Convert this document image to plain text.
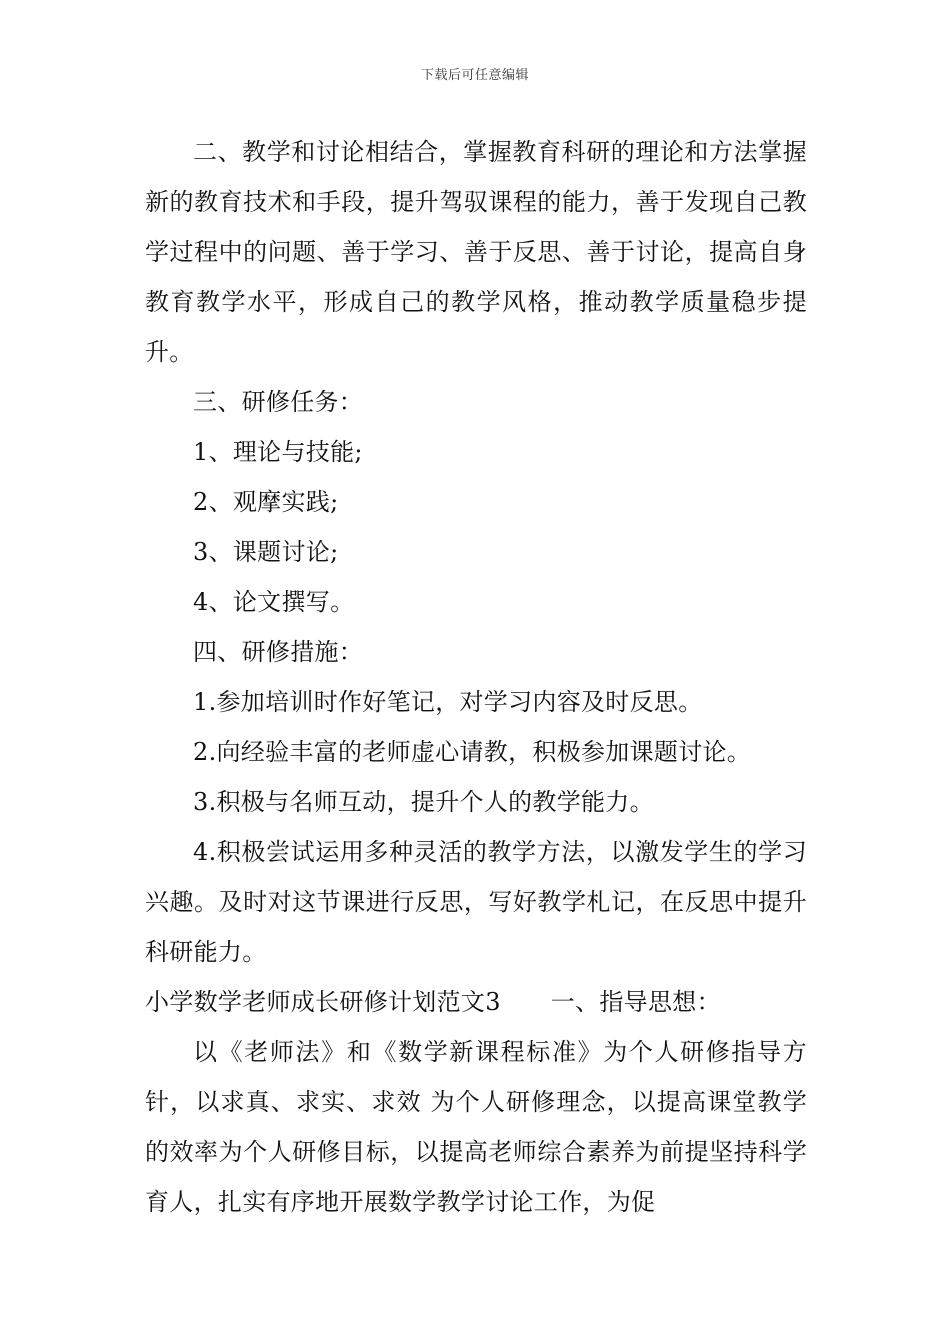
下载后可任意编辑

二、教学和讨论相结合，掌握教育科研的理论和方法掌握新的教育技术和手段，提升驾驭课程的能力，善于发现自己教学过程中的问题、善于学习、善于反思、善于讨论，提高自身教育教学水平，形成自己的教学风格，推动教学质量稳步提升。

三、研修任务：

1、理论与技能;

2、观摩实践;

3、课题讨论;

4、论文撰写。

四、研修措施：

1.参加培训时作好笔记，对学习内容及时反思。

2.向经验丰富的老师虚心请教，积极参加课题讨论。

3.积极与名师互动，提升个人的教学能力。

4.积极尝试运用多种灵活的教学方法，以激发学生的学习兴趣。及时对这节课进行反思，写好教学札记，在反思中提升科研能力。

小学数学老师成长研修计划范文3 一、指导思想：

以《老师法》和《数学新课程标准》为个人研修指导方针，以求真、求实、求效 为个人研修理念，以提高课堂教学的效率为个人研修目标，以提高老师综合素养为前提坚持科学育人，扎实有序地开展数学教学讨论工作，为促
